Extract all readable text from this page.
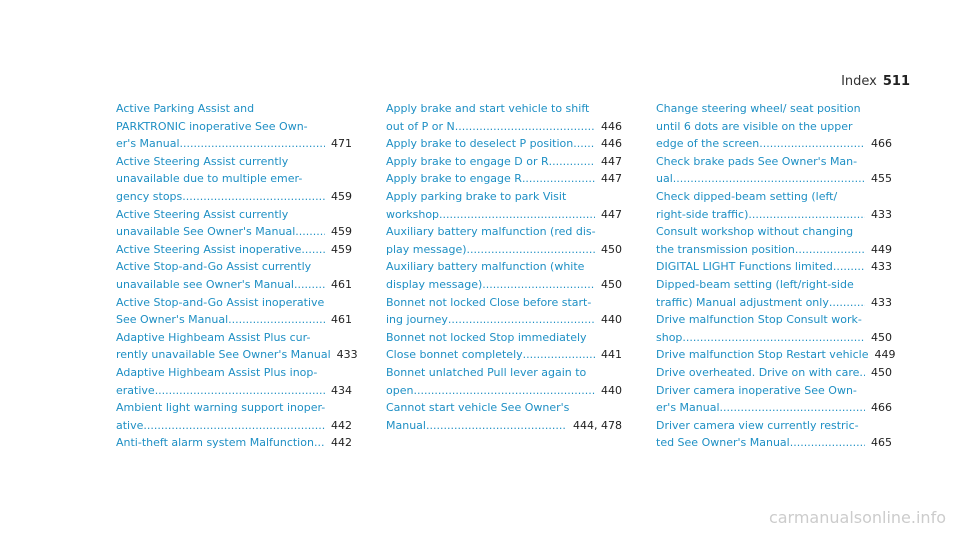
Index 511
Active Parking Assist and
PARKTRONIC inoperative See Own-
er's Manual .....	471
Active Steering Assist currently
unavailable due to multiple emer-
gency stops .....	459
Active Steering Assist currently
unavailable See Owner's Manual .....	459
Active Steering Assist inoperative .....	459
Active Stop-and-Go Assist currently
unavailable see Owner's Manual .....	461
Active Stop-and-Go Assist inoperative
See Owner's Manual .....	461
Adaptive Highbeam Assist Plus cur-
rently unavailable See Owner's Manual 433
Adaptive Highbeam Assist Plus inop-
erative .....	434
Ambient light warning support inoper-
ative .....	442
Anti-theft alarm system Malfunction ..... 442
Apply brake and start vehicle to shift
out of P or N .....	446
Apply brake to deselect P position .....	446
Apply brake to engage D or R .....	447
Apply brake to engage R .....	447
Apply parking brake to park Visit
workshop .....	447
Auxiliary battery malfunction (red dis-
play message) .....	450
Auxiliary battery malfunction (white
display message) .....	450
Bonnet not locked Close before start-
ing journey .....	440
Bonnet not locked Stop immediately
Close bonnet completely .....	441
Bonnet unlatched Pull lever again to
open .....	440
Cannot start vehicle See Owner's
Manual .....	444, 478
Change steering wheel/ seat position
until 6 dots are visible on the upper
edge of the screen .....	466
Check brake pads See Owner's Man-
ual .....	455
Check dipped-beam setting (left/
right-side traffic) .....	433
Consult workshop without changing
the transmission position .....	449
DIGITAL LIGHT Functions limited .....	433
Dipped-beam setting (left/right-side
traffic) Manual adjustment only .....	433
Drive malfunction Stop Consult work-
shop .....	450
Drive malfunction Stop Restart vehicle 449
Drive overheated. Drive on with care ..... 450
Driver camera inoperative See Own-
er's Manual .....	466
Driver camera view currently restric-
ted See Owner's Manual .....	465
carmanualsonline.info
